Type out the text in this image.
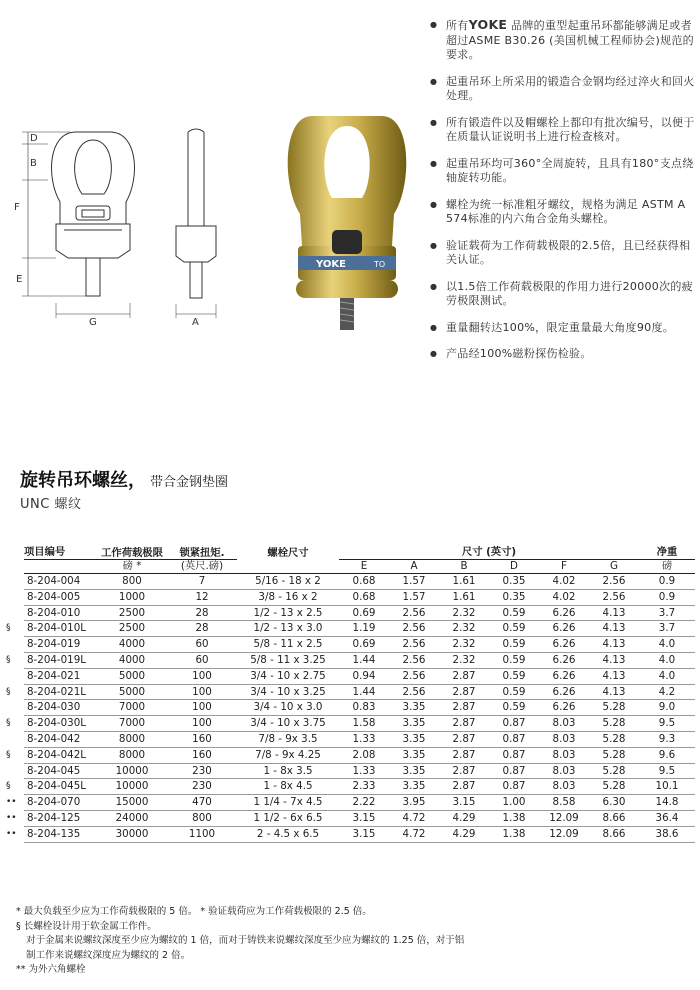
D
B
F
E
G	A
YOKE	TO
● 所有YOKE 品牌的重型起重吊环都能够满足或者超过ASME B30.26 (美国机械工程师协会)规范的要求。
● 起重吊环上所采用的锻造合金钢均经过淬火和回火处理。
● 所有锻造件以及帽螺栓上都印有批次编号，以便于在质量认证说明书上进行检查核对。
● 起重吊环均可360°全周旋转，且具有180°支点绕轴旋转功能。
● 螺栓为统一标准粗牙螺纹，规格为满足 ASTM A 574标准的内六角合金角头螺栓。
● 验证载荷为工作荷载极限的2.5倍，且已经获得相关认证。
● 以1.5倍工作荷载极限的作用力进行20000次的疲劳极限测试。
● 重量翻转达100%，限定重量最大角度90度。
● 产品经100%磁粉探伤检验。
旋转吊环螺丝， 带合金钢垫圈
UNC 螺纹
	项目编号	工作荷载极限	锁紧扭矩.	螺栓尺寸	尺寸 (英寸)						净重
		磅 *	(英尺.磅)		E	A	B	D	F	G	磅
	8-204-004	800	7	5/16 - 18 x 2	0.68	1.57	1.61	0.35	4.02	2.56	0.9
	8-204-005	1000	12	3/8 - 16 x 2	0.68	1.57	1.61	0.35	4.02	2.56	0.9
	8-204-010	2500	28	1/2 - 13 x 2.5	0.69	2.56	2.32	0.59	6.26	4.13	3.7
§	8-204-010L	2500	28	1/2 - 13 x 3.0	1.19	2.56	2.32	0.59	6.26	4.13	3.7
	8-204-019	4000	60	5/8 - 11 x 2.5	0.69	2.56	2.32	0.59	6.26	4.13	4.0
§	8-204-019L	4000	60	5/8 - 11 x 3.25	1.44	2.56	2.32	0.59	6.26	4.13	4.0
	8-204-021	5000	100	3/4 - 10 x 2.75	0.94	2.56	2.87	0.59	6.26	4.13	4.0
§	8-204-021L	5000	100	3/4 - 10 x 3.25	1.44	2.56	2.87	0.59	6.26	4.13	4.2
	8-204-030	7000	100	3/4 - 10 x 3.0	0.83	3.35	2.87	0.59	6.26	5.28	9.0
§	8-204-030L	7000	100	3/4 - 10 x 3.75	1.58	3.35	2.87	0.87	8.03	5.28	9.5
	8-204-042	8000	160	7/8 - 9x 3.5	1.33	3.35	2.87	0.87	8.03	5.28	9.3
§	8-204-042L	8000	160	7/8 - 9x 4.25	2.08	3.35	2.87	0.87	8.03	5.28	9.6
	8-204-045	10000	230	1 - 8x 3.5	1.33	3.35	2.87	0.87	8.03	5.28	9.5
§	8-204-045L	10000	230	1 - 8x 4.5	2.33	3.35	2.87	0.87	8.03	5.28	10.1
••	8-204-070	15000	470	1 1/4 - 7x 4.5	2.22	3.95	3.15	1.00	8.58	6.30	14.8
••	8-204-125	24000	800	1 1/2 - 6x 6.5	3.15	4.72	4.29	1.38	12.09	8.66	36.4
••	8-204-135	30000	1100	2 - 4.5 x 6.5	3.15	4.72	4.29	1.38	12.09	8.66	38.6
* 最大负载至少应为工作荷载极限的 5 倍。 * 验证载荷应为工作荷载极限的 2.5 倍。
§ 长螺栓设计用于软金属工作件。
对于金属来说螺纹深度至少应为螺纹的 1 倍，而对于铸铁来说螺纹深度至少应为螺纹的 1.25 倍，对于铝
制工作来说螺纹深度应为螺纹的 2 倍。
** 为外六角螺栓
